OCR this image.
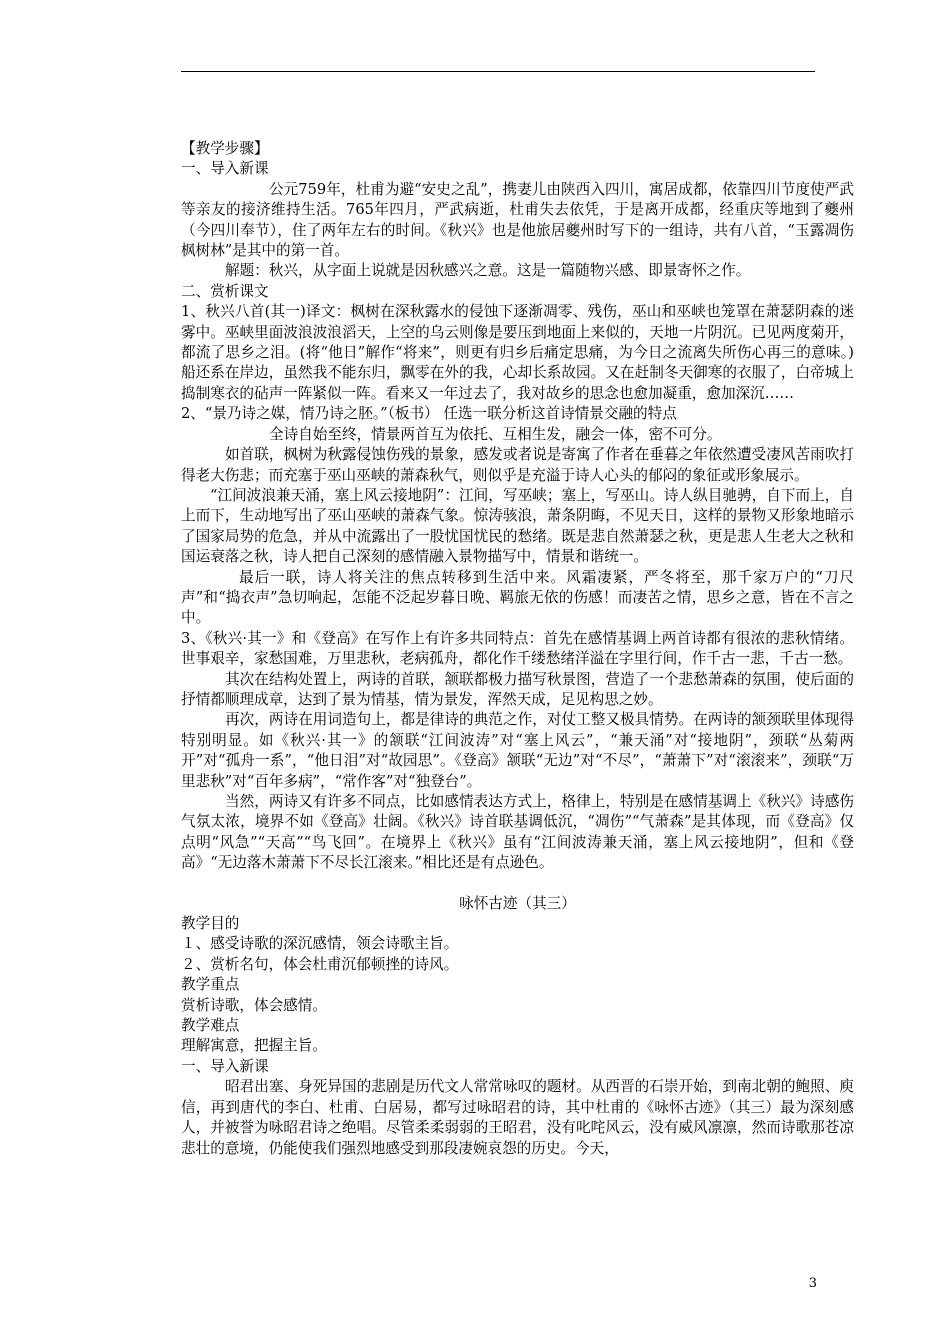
【教学步骤】

一、导入新课

公元759年，杜甫为避“安史之乱”，携妻儿由陕西入四川，寓居成都，依靠四川节度使严武等亲友的接济维持生活。765年四月，严武病逝，杜甫失去依凭，于是离开成都，经重庆等地到了夔州（今四川奉节），住了两年左右的时间。《秋兴》也是他旅居夔州时写下的一组诗，共有八首，“玉露凋伤枫树林”是其中的第一首。

解题：秋兴，从字面上说就是因秋感兴之意。这是一篇随物兴感、即景寄怀之作。

二、赏析课文

1、秋兴八首(其一)译文：枫树在深秋露水的侵蚀下逐渐凋零、残伤，巫山和巫峡也笼罩在萧瑟阴森的迷雾中。巫峡里面波浪波浪滔天，上空的乌云则像是要压到地面上来似的，天地一片阴沉。已见两度菊开，都流了思乡之泪。(将“他日”解作“将来”，则更有归乡后痛定思痛，为今日之流离失所伤心再三的意味。)船还系在岸边，虽然我不能东归，飘零在外的我，心却长系故园。又在赶制冬天御寒的衣服了，白帝城上捣制寒衣的砧声一阵紧似一阵。看来又一年过去了，我对故乡的思念也愈加凝重，愈加深沉……

2、“景乃诗之媒，情乃诗之胚。”（板书） 任选一联分析这首诗情景交融的特点

全诗自始至终，情景两首互为依托、互相生发，融会一体，密不可分。

如首联，枫树为秋露侵蚀伤残的景象，感发或者说是寄寓了作者在垂暮之年依然遭受凄风苦雨吹打得老大伤悲；而充塞于巫山巫峡的萧森秋气，则似乎是充溢于诗人心头的郁闷的象征或形象展示。

“江间波浪兼天涌，塞上风云接地阴”：江间，写巫峡；塞上，写巫山。诗人纵目驰骋，自下而上，自上而下，生动地写出了巫山巫峡的萧森气象。惊涛骇浪，萧条阴晦，不见天日，这样的景物又形象地暗示了国家局势的危急，并从中流露出了一股忧国忧民的愁绪。既是悲自然萧瑟之秋，更是悲人生老大之秋和国运衰落之秋，诗人把自己深刻的感情融入景物描写中，情景和谐统一。

最后一联，诗人将关注的焦点转移到生活中来。风霜凄紧，严冬将至，那千家万户的“刀尺声”和“捣衣声”急切响起，怎能不泛起岁暮日晚、羁旅无依的伤感！而凄苦之情，思乡之意，皆在不言之中。

3、《秋兴·其一》和《登高》在写作上有许多共同特点：首先在感情基调上两首诗都有很浓的悲秋情绪。世事艰辛，家愁国难，万里悲秋，老病孤舟，都化作千缕愁绪洋溢在字里行间，作千古一悲，千古一愁。

其次在结构处置上，两诗的首联，颔联都极力描写秋景图，营造了一个悲愁萧森的氛围，使后面的抒情都顺理成章，达到了景为情基，情为景发，浑然天成，足见构思之妙。

再次，两诗在用词造句上，都是律诗的典范之作，对仗工整又极具情势。在两诗的颔颈联里体现得特别明显。如《秋兴·其一》的颔联“江间波涛”对“塞上风云”，“兼天涌”对“接地阴”，颈联“丛菊两开”对“孤舟一系”，“他日泪”对“故园思”。《登高》颔联“无边”对“不尽”，“萧萧下”对“滚滚来”，颈联“万里悲秋”对“百年多病”，“常作客”对“独登台”。

当然，两诗又有许多不同点，比如感情表达方式上，格律上，特别是在感情基调上《秋兴》诗感伤气氛太浓，境界不如《登高》壮阔。《秋兴》诗首联基调低沉，“凋伤”“气萧森”是其体现，而《登高》仅点明“风急”“天高”“鸟飞回”。在境界上《秋兴》虽有“江间波涛兼天涌，塞上风云接地阴”，但和《登高》“无边落木萧萧下不尽长江滚来。”相比还是有点逊色。

咏怀古迹（其三）

教学目的

１、感受诗歌的深沉感情，领会诗歌主旨。

２、赏析名句，体会杜甫沉郁顿挫的诗风。

教学重点

赏析诗歌，体会感情。

教学难点

理解寓意，把握主旨。

一、导入新课

昭君出塞、身死异国的悲剧是历代文人常常咏叹的题材。从西晋的石崇开始，到南北朝的鲍照、庾信，再到唐代的李白、杜甫、白居易，都写过咏昭君的诗，其中杜甫的《咏怀古迹》（其三）最为深刻感人，并被誉为咏昭君诗之绝唱。尽管柔柔弱弱的王昭君，没有叱咤风云，没有威风凛凛，然而诗歌那苍凉悲壮的意境，仍能使我们强烈地感受到那段凄婉哀怨的历史。今天，

3
